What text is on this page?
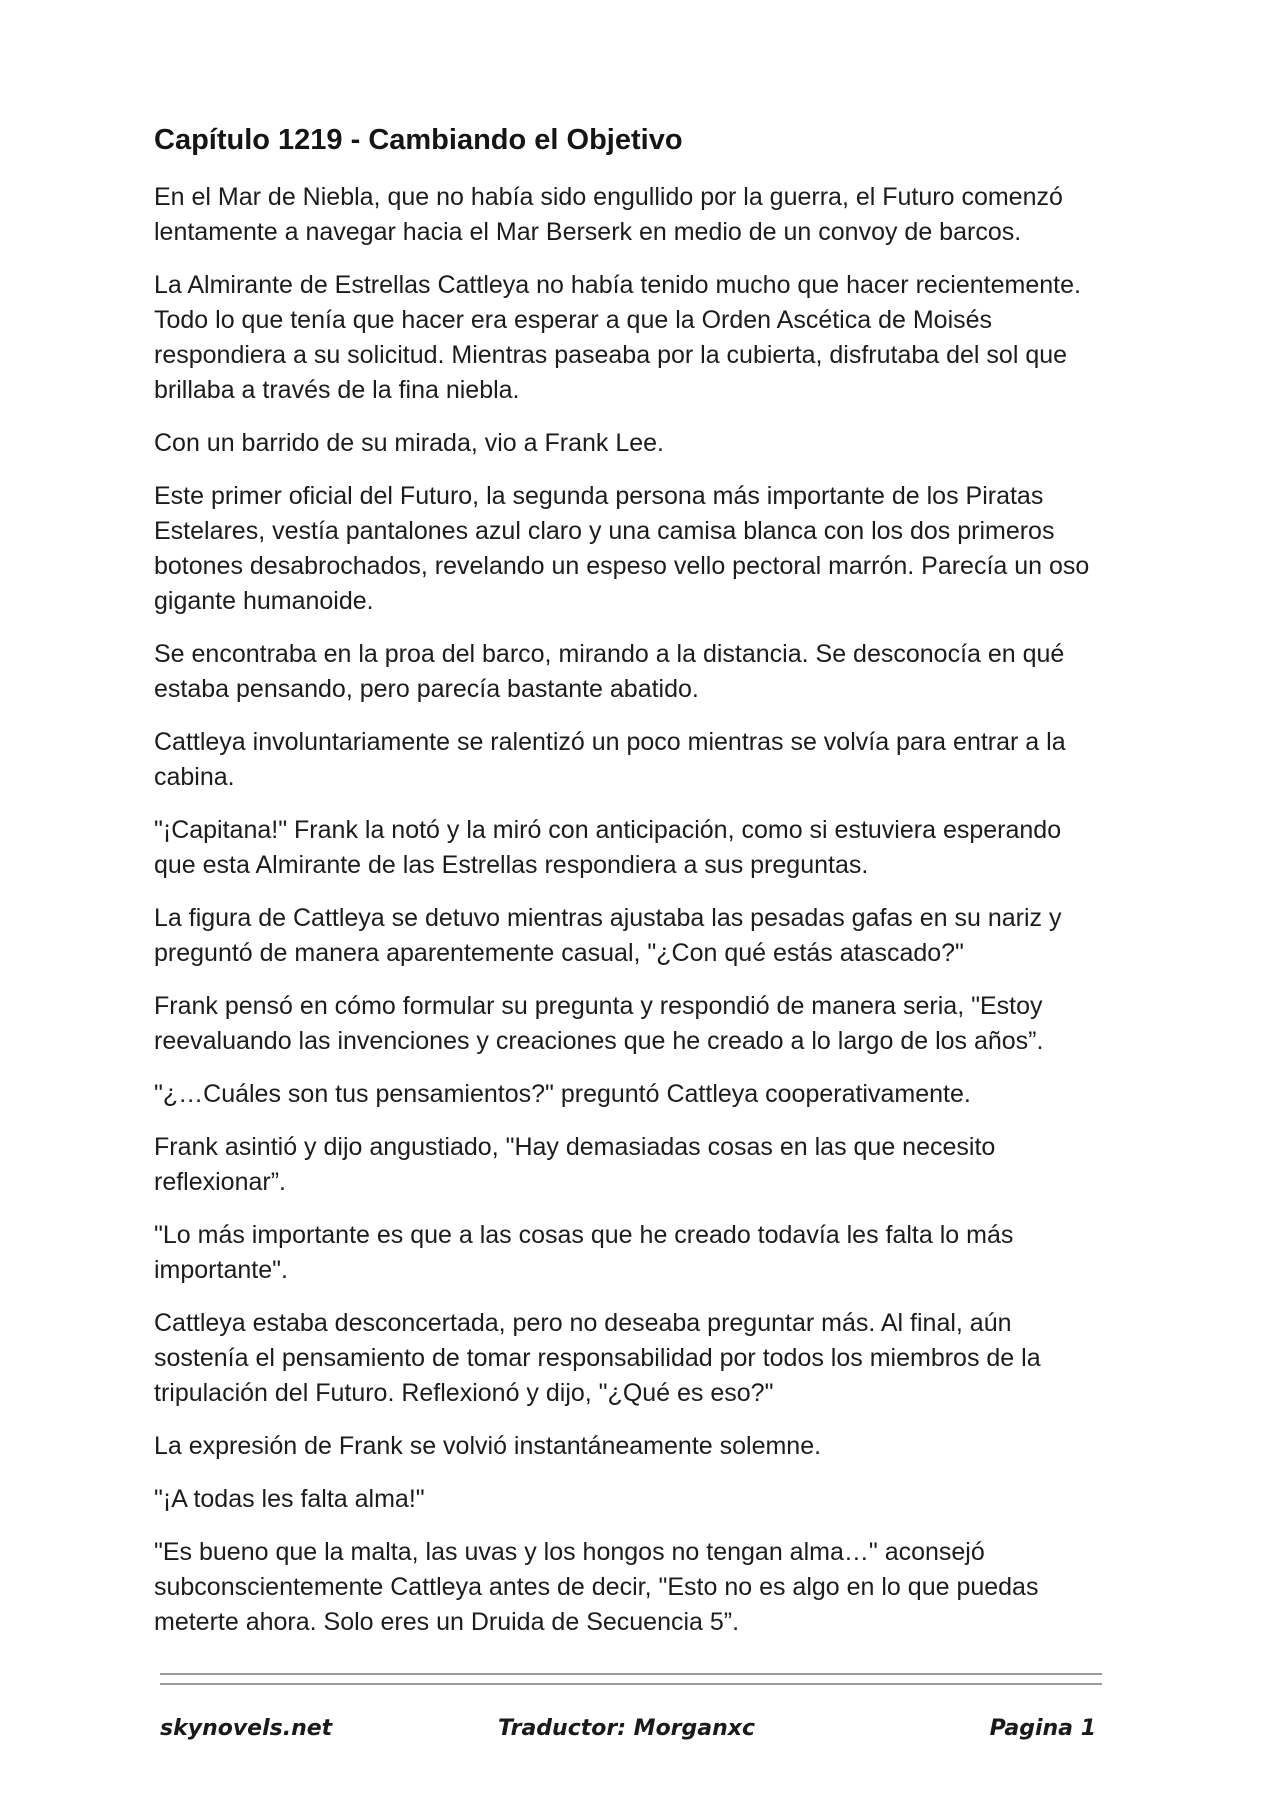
Capítulo 1219 - Cambiando el Objetivo

En el Mar de Niebla, que no había sido engullido por la guerra, el Futuro comenzó lentamente a navegar hacia el Mar Berserk en medio de un convoy de barcos.

La Almirante de Estrellas Cattleya no había tenido mucho que hacer recientemente. Todo lo que tenía que hacer era esperar a que la Orden Ascética de Moisés respondiera a su solicitud. Mientras paseaba por la cubierta, disfrutaba del sol que brillaba a través de la fina niebla.

Con un barrido de su mirada, vio a Frank Lee.

Este primer oficial del Futuro, la segunda persona más importante de los Piratas Estelares, vestía pantalones azul claro y una camisa blanca con los dos primeros botones desabrochados, revelando un espeso vello pectoral marrón. Parecía un oso gigante humanoide.

Se encontraba en la proa del barco, mirando a la distancia. Se desconocía en qué estaba pensando, pero parecía bastante abatido.

Cattleya involuntariamente se ralentizó un poco mientras se volvía para entrar a la cabina.

"¡Capitana!" Frank la notó y la miró con anticipación, como si estuviera esperando que esta Almirante de las Estrellas respondiera a sus preguntas.

La figura de Cattleya se detuvo mientras ajustaba las pesadas gafas en su nariz y preguntó de manera aparentemente casual, "¿Con qué estás atascado?"

Frank pensó en cómo formular su pregunta y respondió de manera seria, "Estoy reevaluando las invenciones y creaciones que he creado a lo largo de los años”.

"¿…Cuáles son tus pensamientos?" preguntó Cattleya cooperativamente.

Frank asintió y dijo angustiado, "Hay demasiadas cosas en las que necesito reflexionar”.

"Lo más importante es que a las cosas que he creado todavía les falta lo más importante".

Cattleya estaba desconcertada, pero no deseaba preguntar más. Al final, aún sostenía el pensamiento de tomar responsabilidad por todos los miembros de la tripulación del Futuro. Reflexionó y dijo, "¿Qué es eso?"

La expresión de Frank se volvió instantáneamente solemne.

"¡A todas les falta alma!"

"Es bueno que la malta, las uvas y los hongos no tengan alma…" aconsejó subconscientemente Cattleya antes de decir, "Esto no es algo en lo que puedas meterte ahora. Solo eres un Druida de Secuencia 5”.

skynovels.net	Traductor: Morganxc	Pagina 1
